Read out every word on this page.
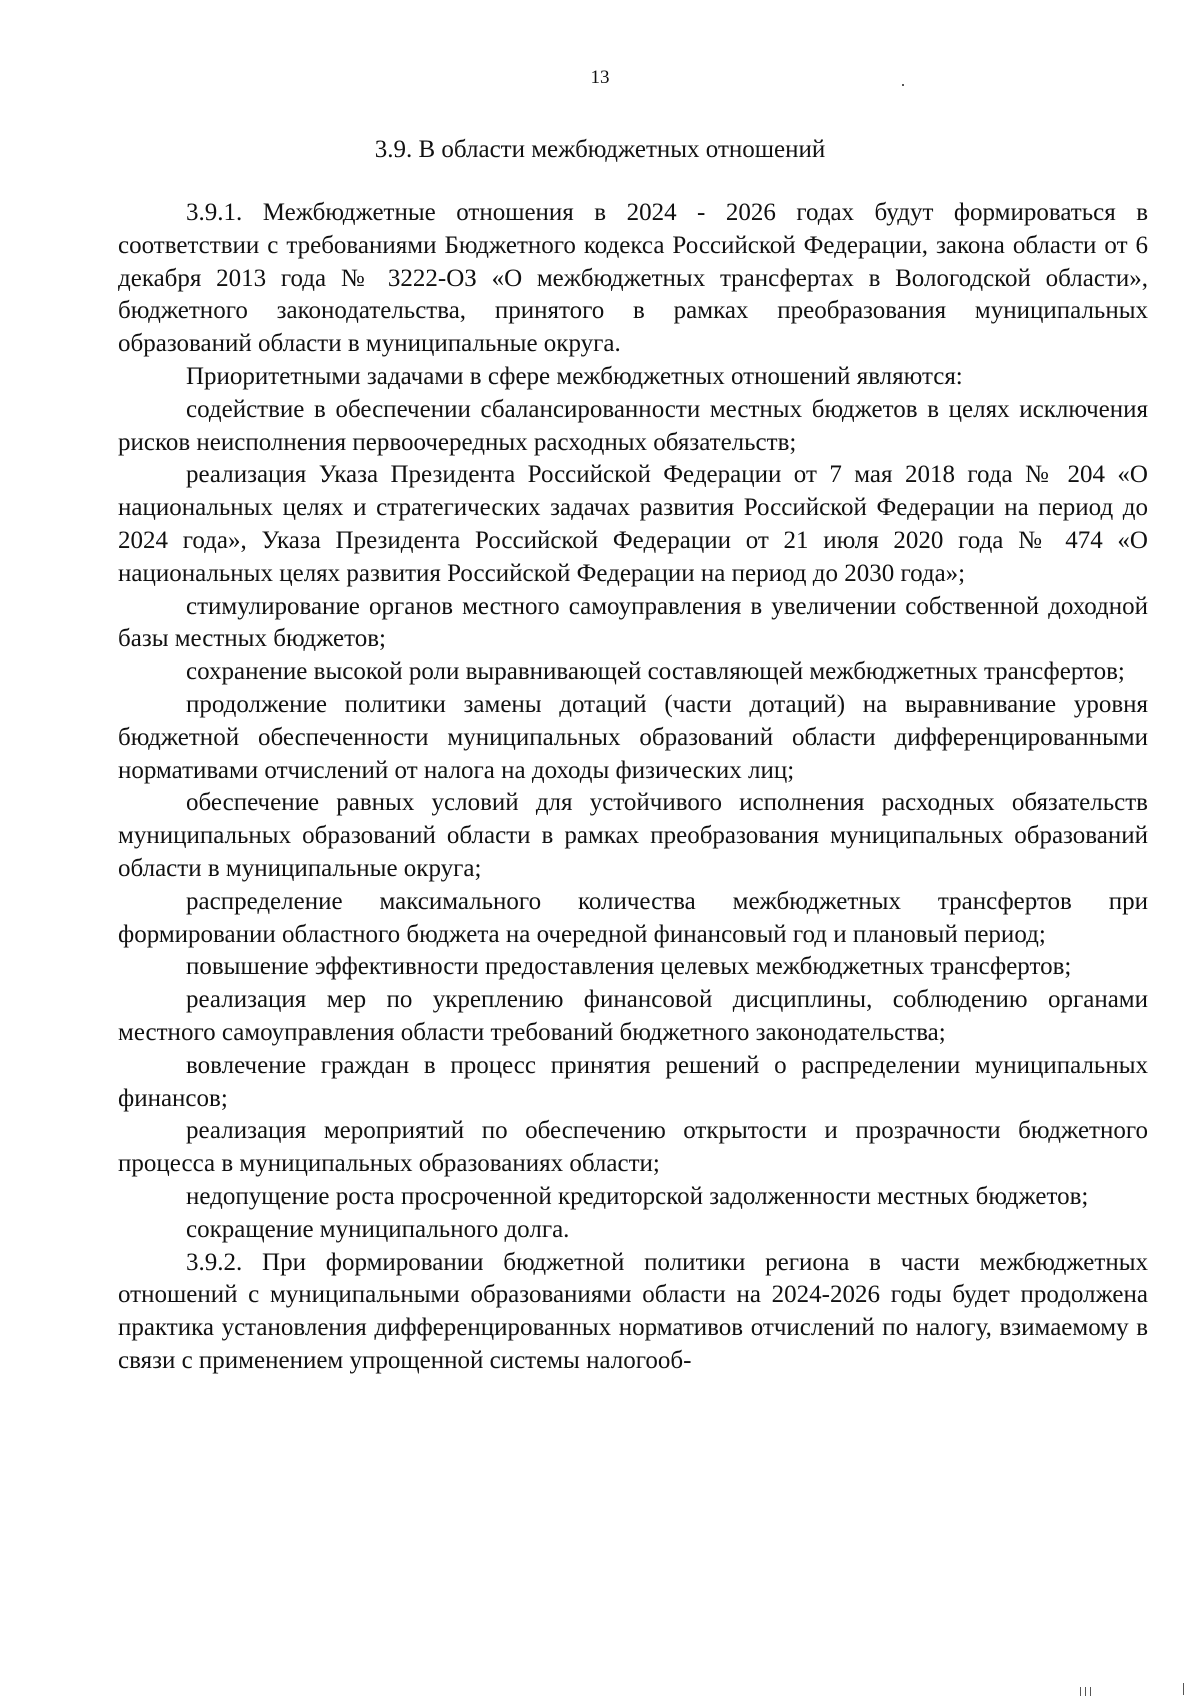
13
3.9. В области межбюджетных отношений

3.9.1. Межбюджетные отношения в 2024 - 2026 годах будут формироваться в соответствии с требованиями Бюджетного кодекса Российской Федерации, закона области от 6 декабря 2013 года № 3222-ОЗ «О межбюджетных трансфертах в Вологодской области», бюджетного законодательства, принятого в рамках преобразования муниципальных образований области в муниципальные округа.

Приоритетными задачами в сфере межбюджетных отношений являются:

содействие в обеспечении сбалансированности местных бюджетов в целях исключения рисков неисполнения первоочередных расходных обязательств;

реализация Указа Президента Российской Федерации от 7 мая 2018 года № 204 «О национальных целях и стратегических задачах развития Российской Федерации на период до 2024 года», Указа Президента Российской Федерации от 21 июля 2020 года № 474 «О национальных целях развития Российской Федерации на период до 2030 года»;

стимулирование органов местного самоуправления в увеличении собственной доходной базы местных бюджетов;

сохранение высокой роли выравнивающей составляющей межбюджетных трансфертов;

продолжение политики замены дотаций (части дотаций) на выравнивание уровня бюджетной обеспеченности муниципальных образований области дифференцированными нормативами отчислений от налога на доходы физических лиц;

обеспечение равных условий для устойчивого исполнения расходных обязательств муниципальных образований области в рамках преобразования муниципальных образований области в муниципальные округа;

распределение максимального количества межбюджетных трансфертов при формировании областного бюджета на очередной финансовый год и плановый период;

повышение эффективности предоставления целевых межбюджетных трансфертов;

реализация мер по укреплению финансовой дисциплины, соблюдению органами местного самоуправления области требований бюджетного законодательства;

вовлечение граждан в процесс принятия решений о распределении муниципальных финансов;

реализация мероприятий по обеспечению открытости и прозрачности бюджетного процесса в муниципальных образованиях области;

недопущение роста просроченной кредиторской задолженности местных бюджетов;

сокращение муниципального долга.

3.9.2. При формировании бюджетной политики региона в части межбюджетных отношений с муниципальными образованиями области на 2024-2026 годы будет продолжена практика установления дифференцированных нормативов отчислений по налогу, взимаемому в связи с применением упрощенной системы налогооб-
